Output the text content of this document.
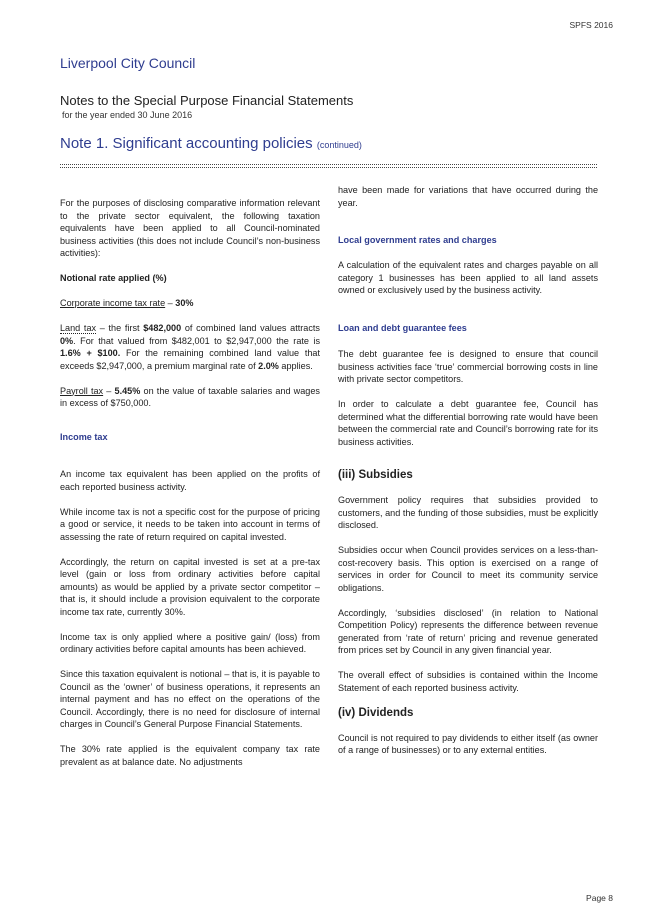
SPFS 2016
Liverpool City Council
Notes to the Special Purpose Financial Statements
for the year ended 30 June 2016
Note 1. Significant accounting policies (continued)

For the purposes of disclosing comparative information relevant to the private sector equivalent, the following taxation equivalents have been applied to all Council-nominated business activities (this does not include Council’s non-business activities):

Notional rate applied (%)

Corporate income tax rate – 30%

Land tax – the first $482,000 of combined land values attracts 0%. For that valued from $482,001 to $2,947,000 the rate is 1.6% + $100. For the remaining combined land value that exceeds $2,947,000, a premium marginal rate of 2.0% applies.

Payroll tax – 5.45% on the value of taxable salaries and wages in excess of $750,000.

Income tax

An income tax equivalent has been applied on the profits of each reported business activity.

While income tax is not a specific cost for the purpose of pricing a good or service, it needs to be taken into account in terms of assessing the rate of return required on capital invested.

Accordingly, the return on capital invested is set at a pre-tax level (gain or loss from ordinary activities before capital amounts) as would be applied by a private sector competitor – that is, it should include a provision equivalent to the corporate income tax rate, currently 30%.

Income tax is only applied where a positive gain/ (loss) from ordinary activities before capital amounts has been achieved.

Since this taxation equivalent is notional – that is, it is payable to Council as the ‘owner’ of business operations, it represents an internal payment and has no effect on the operations of the Council. Accordingly, there is no need for disclosure of internal charges in Council’s General Purpose Financial Statements.

The 30% rate applied is the equivalent company tax rate prevalent as at balance date. No adjustments

have been made for variations that have occurred during the year.

Local government rates and charges

A calculation of the equivalent rates and charges payable on all category 1 businesses has been applied to all land assets owned or exclusively used by the business activity.

Loan and debt guarantee fees

The debt guarantee fee is designed to ensure that council business activities face ‘true’ commercial borrowing costs in line with private sector competitors.

In order to calculate a debt guarantee fee, Council has determined what the differential borrowing rate would have been between the commercial rate and Council’s borrowing rate for its business activities.

(iii) Subsidies

Government policy requires that subsidies provided to customers, and the funding of those subsidies, must be explicitly disclosed.

Subsidies occur when Council provides services on a less-than-cost-recovery basis. This option is exercised on a range of services in order for Council to meet its community service obligations.

Accordingly, ‘subsidies disclosed’ (in relation to National Competition Policy) represents the difference between revenue generated from ‘rate of return’ pricing and revenue generated from prices set by Council in any given financial year.

The overall effect of subsidies is contained within the Income Statement of each reported business activity.

(iv) Dividends

Council is not required to pay dividends to either itself (as owner of a range of businesses) or to any external entities.

Page 8
